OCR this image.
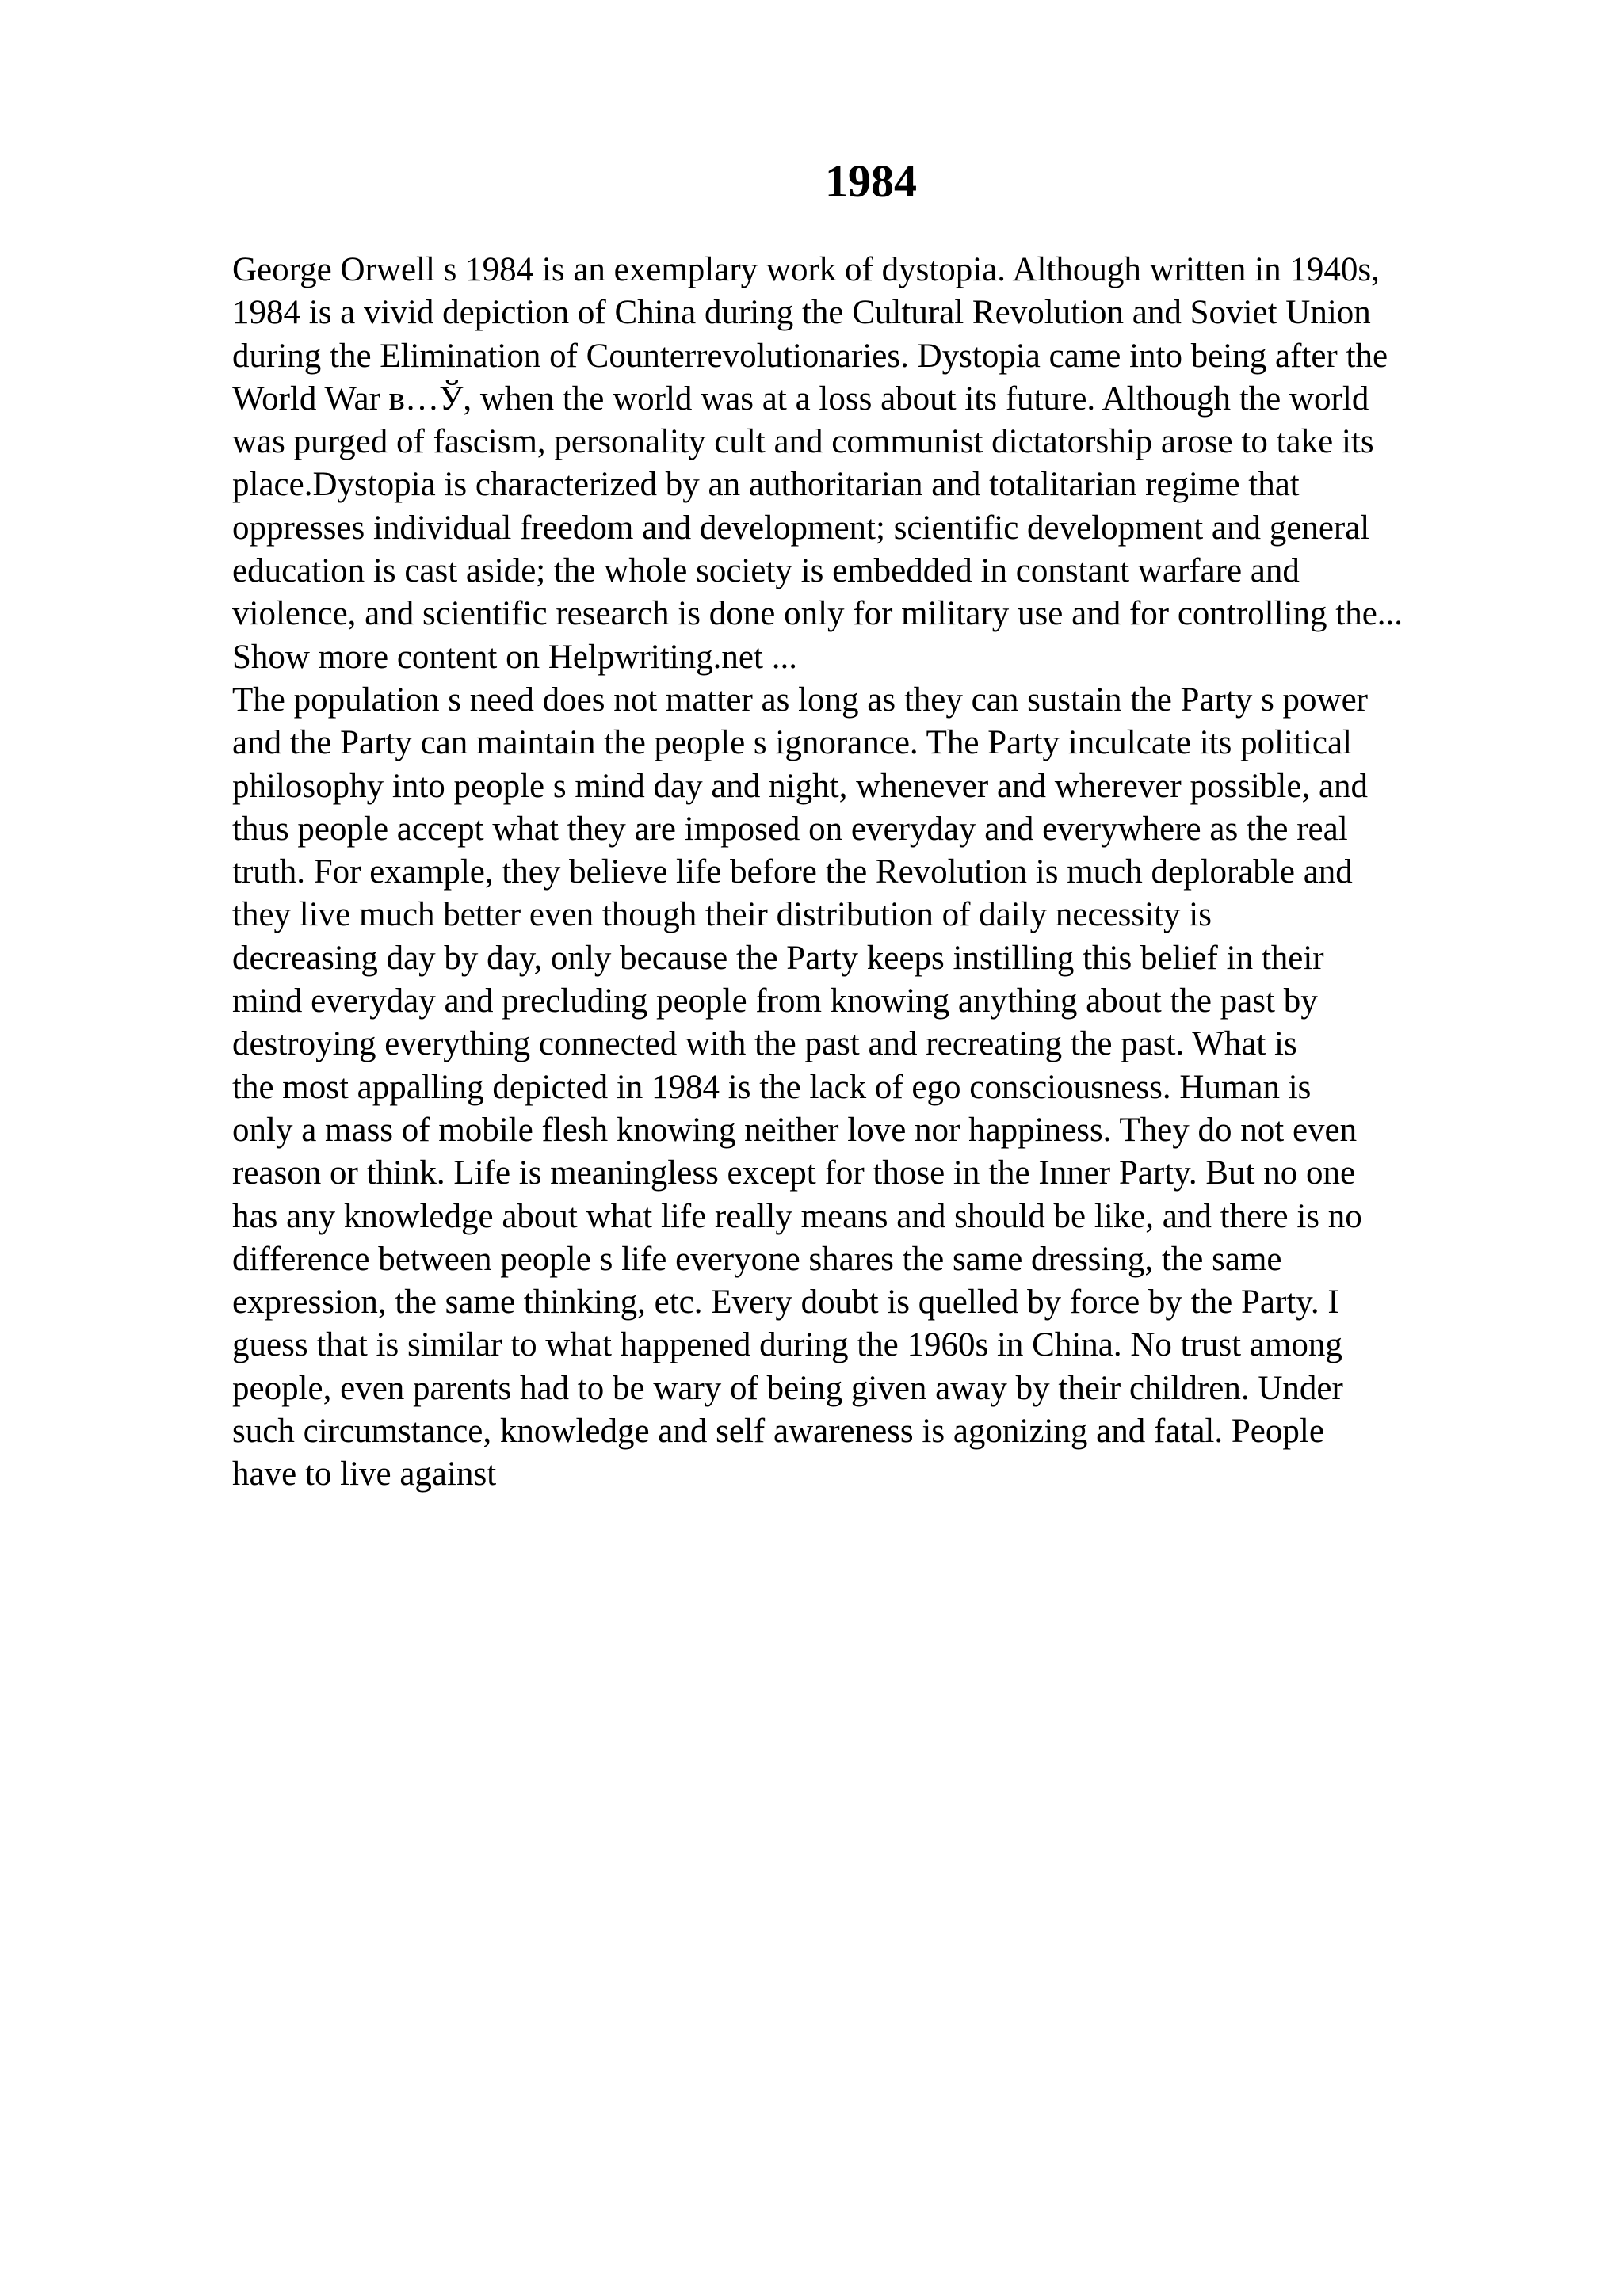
1984
George Orwell s 1984 is an exemplary work of dystopia. Although written in 1940s,
1984 is a vivid depiction of China during the Cultural Revolution and Soviet Union
during the Elimination of Counterrevolutionaries. Dystopia came into being after the
World War в…Ў, when the world was at a loss about its future. Although the world
was purged of fascism, personality cult and communist dictatorship arose to take its
place.Dystopia is characterized by an authoritarian and totalitarian regime that
oppresses individual freedom and development; scientific development and general
education is cast aside; the whole society is embedded in constant warfare and
violence, and scientific research is done only for military use and for controlling the...
Show more content on Helpwriting.net ...
The population s need does not matter as long as they can sustain the Party s power
and the Party can maintain the people s ignorance. The Party inculcate its political
philosophy into people s mind day and night, whenever and wherever possible, and
thus people accept what they are imposed on everyday and everywhere as the real
truth. For example, they believe life before the Revolution is much deplorable and
they live much better even though their distribution of daily necessity is
decreasing day by day, only because the Party keeps instilling this belief in their
mind everyday and precluding people from knowing anything about the past by
destroying everything connected with the past and recreating the past. What is
the most appalling depicted in 1984 is the lack of ego consciousness. Human is
only a mass of mobile flesh knowing neither love nor happiness. They do not even
reason or think. Life is meaningless except for those in the Inner Party. But no one
has any knowledge about what life really means and should be like, and there is no
difference between people s life everyone shares the same dressing, the same
expression, the same thinking, etc. Every doubt is quelled by force by the Party. I
guess that is similar to what happened during the 1960s in China. No trust among
people, even parents had to be wary of being given away by their children. Under
such circumstance, knowledge and self awareness is agonizing and fatal. People
have to live against
